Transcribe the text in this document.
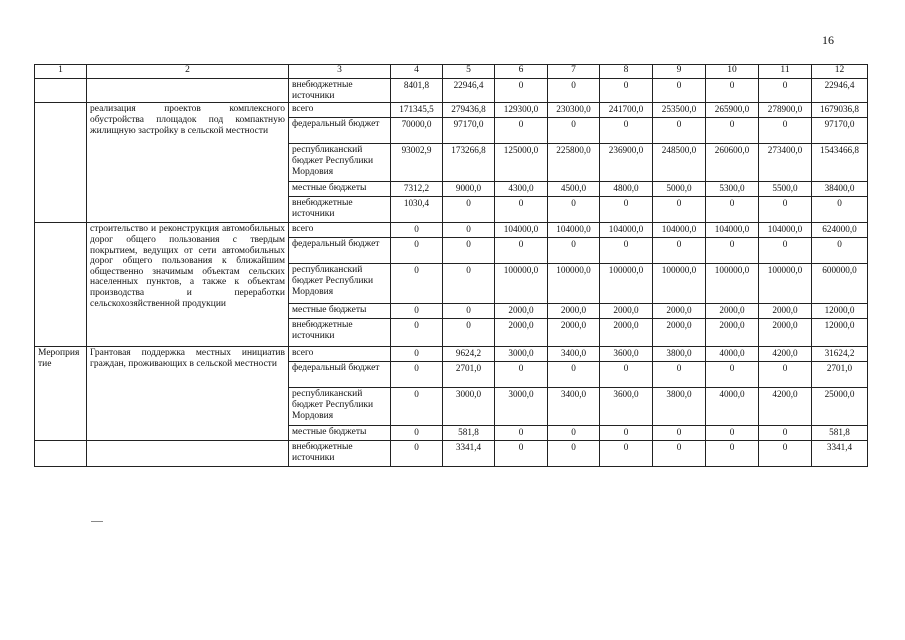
16
1	2	3	4	5	6	7	8	9	10	11	12
		внебюджетные источники	8401,8	22946,4	0	0	0	0	0	0	22946,4
	реализация проектов комплексного обустройства площадок под компактную жилищную застройку в сельской местности	всего	171345,5	279436,8	129300,0	230300,0	241700,0	253500,0	265900,0	278900,0	1679036,8
		федеральный бюджет	70000,0	97170,0	0	0	0	0	0	0	97170,0
		республиканский бюджет Республики Мордовия	93002,9	173266,8	125000,0	225800,0	236900,0	248500,0	260600,0	273400,0	1543466,8
		местные бюджеты	7312,2	9000,0	4300,0	4500,0	4800,0	5000,0	5300,0	5500,0	38400,0
		внебюджетные источники	1030,4	0	0	0	0	0	0	0	0
	строительство и реконструкция автомобильных дорог общего пользования с твердым покрытием, ведущих от сети автомобильных дорог общего пользования к ближайшим общественно значимым объектам сельских населенных пунктов, а также к объектам производства и переработки сельскохозяйственной продукции	всего	0	0	104000,0	104000,0	104000,0	104000,0	104000,0	104000,0	624000,0
		федеральный бюджет	0	0	0	0	0	0	0	0	0
		республиканский бюджет Республики Мордовия	0	0	100000,0	100000,0	100000,0	100000,0	100000,0	100000,0	600000,0
		местные бюджеты	0	0	2000,0	2000,0	2000,0	2000,0	2000,0	2000,0	12000,0
		внебюджетные источники	0	0	2000,0	2000,0	2000,0	2000,0	2000,0	2000,0	12000,0
Мероприятие	Грантовая поддержка местных инициатив граждан, проживающих в сельской местности	всего	0	9624,2	3000,0	3400,0	3600,0	3800,0	4000,0	4200,0	31624,2
		федеральный бюджет	0	2701,0	0	0	0	0	0	0	2701,0
		республиканский бюджет Республики Мордовия	0	3000,0	3000,0	3400,0	3600,0	3800,0	4000,0	4200,0	25000,0
		местные бюджеты	0	581,8	0	0	0	0	0	0	581,8
		внебюджетные источники	0	3341,4	0	0	0	0	0	0	3341,4
